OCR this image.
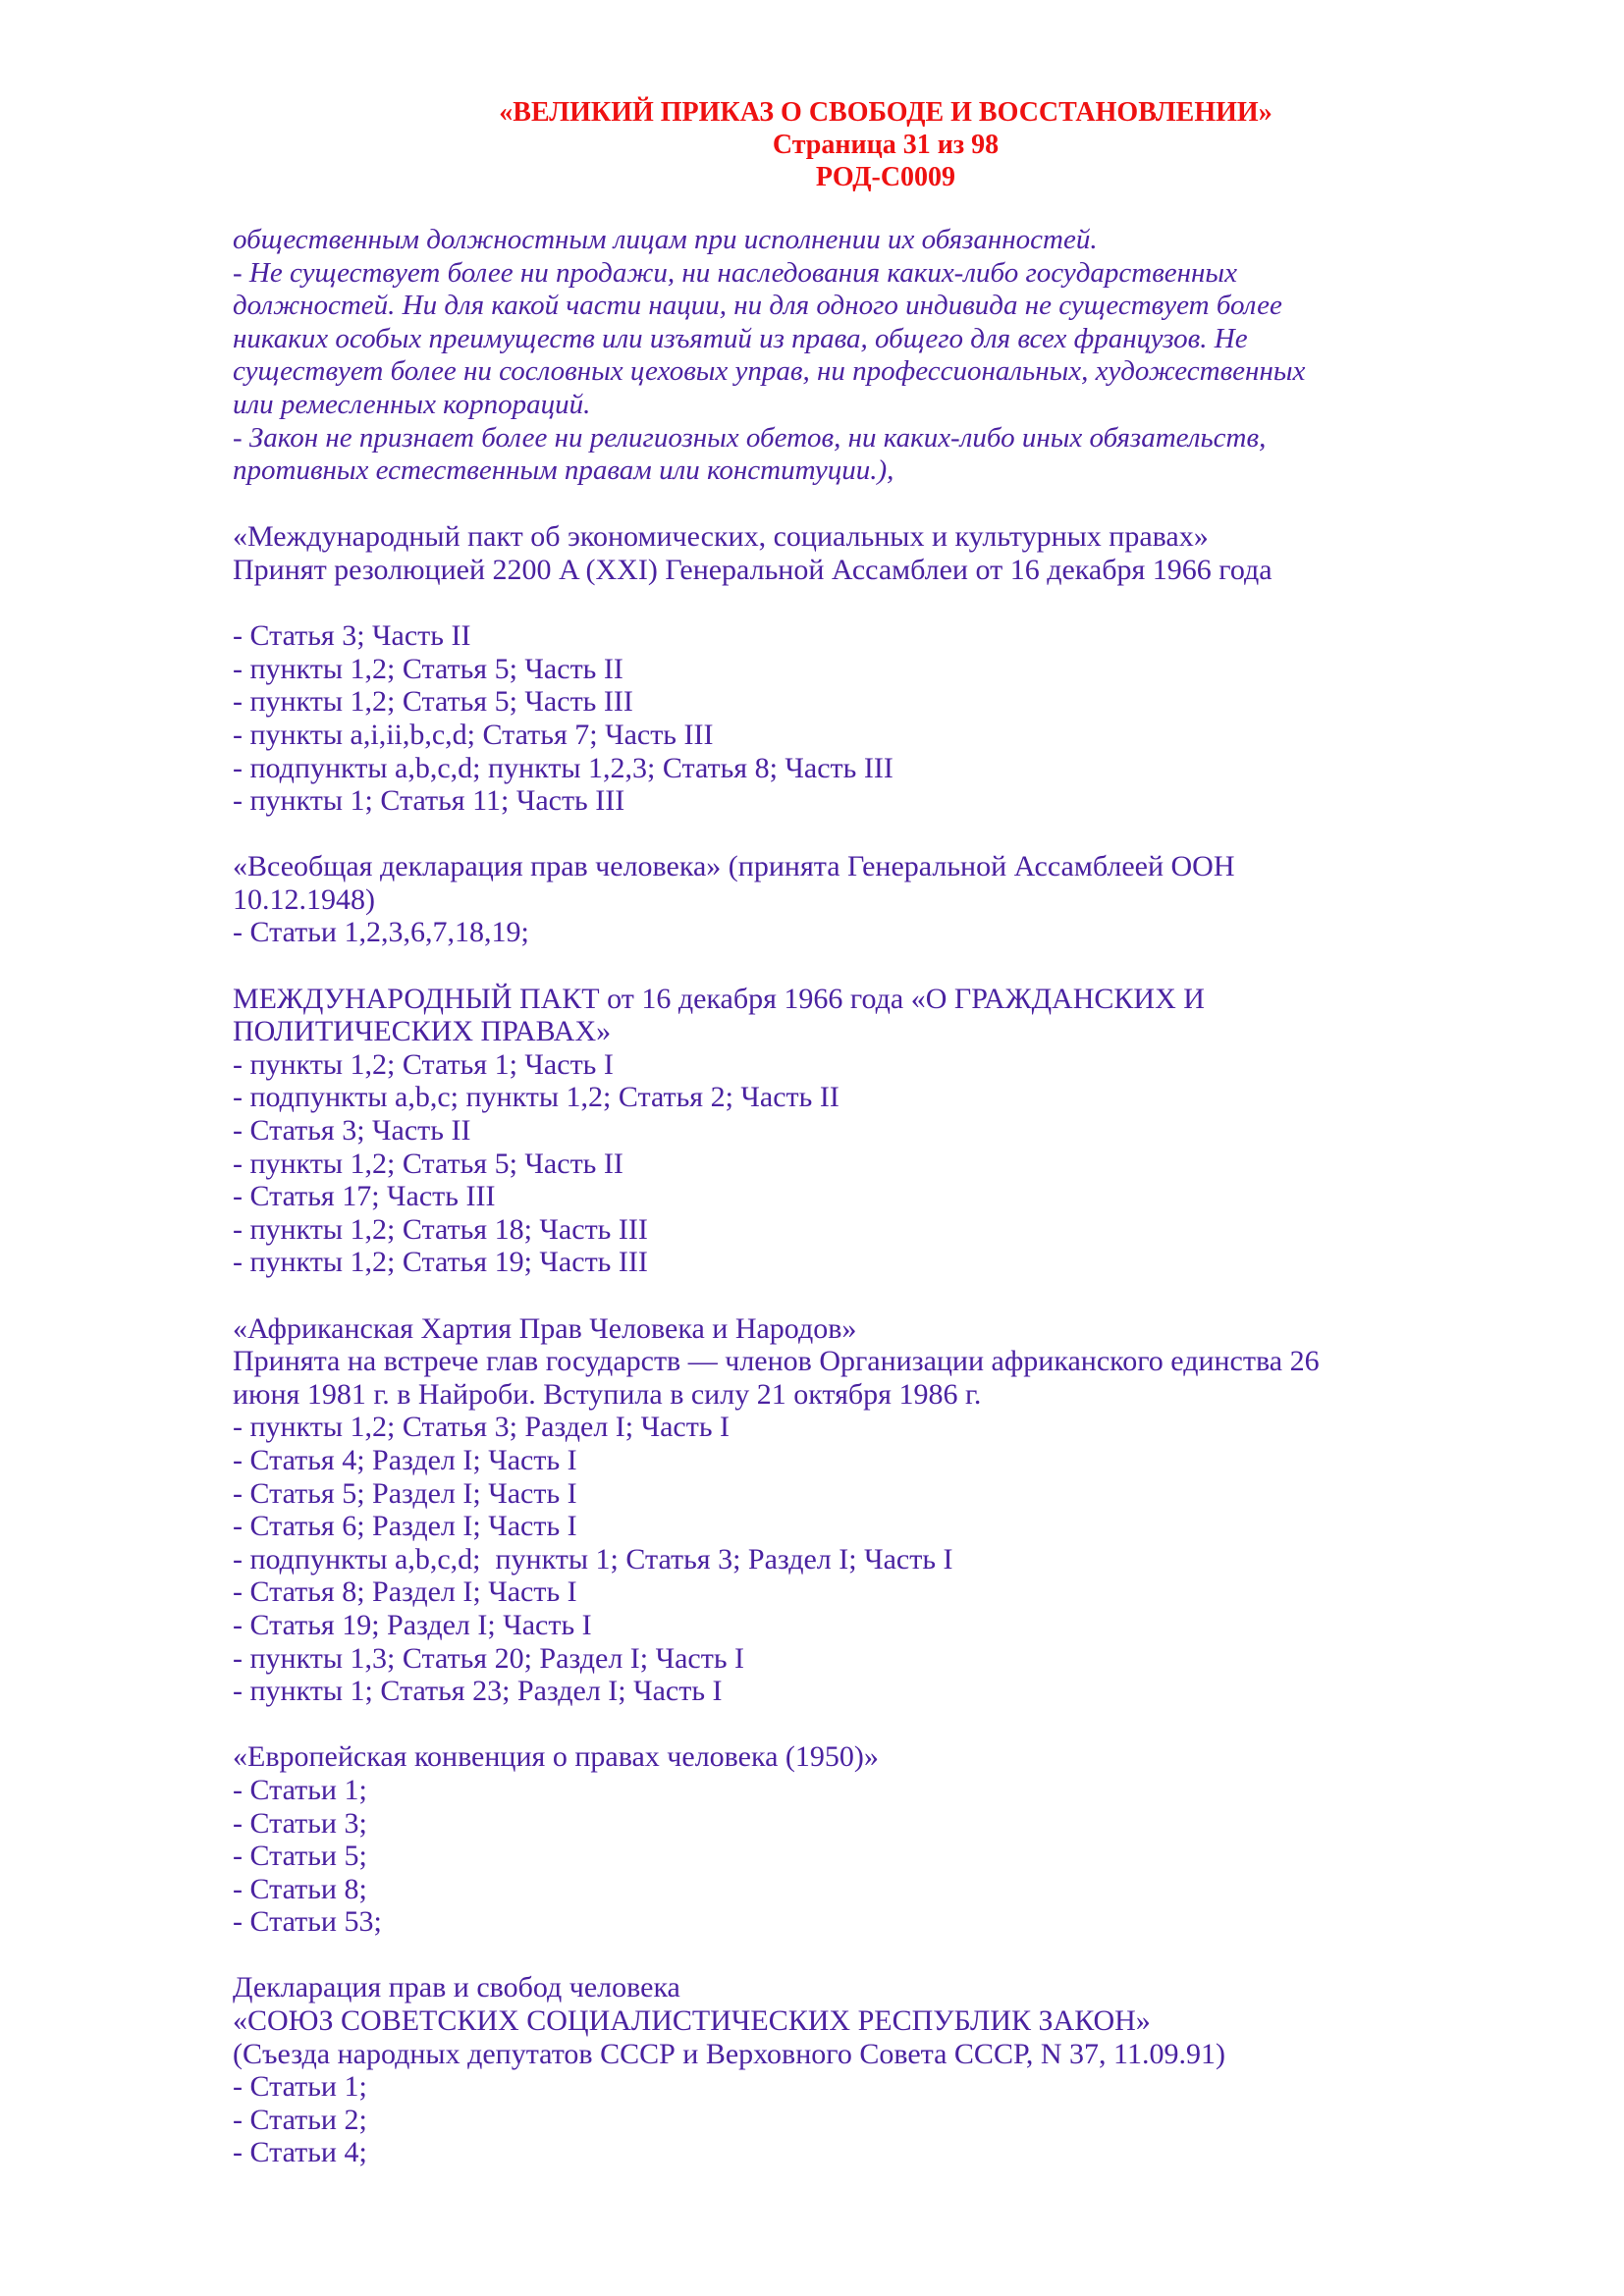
«ВЕЛИКИЙ ПРИКАЗ О СВОБОДЕ И ВОССТАНОВЛЕНИИ»
Страница 31 из 98
РОД-С0009
общественным должностным лицам при исполнении их обязанностей.
- Не существует более ни продажи, ни наследования каких-либо государственных
должностей. Ни для какой части нации, ни для одного индивида не существует более
никаких особых преимуществ или изъятий из права, общего для всех французов. Не
существует более ни сословных цеховых управ, ни профессиональных, художественных
или ремесленных корпораций.
- Закон не признает более ни религиозных обетов, ни каких-либо иных обязательств,
противных естественным правам или конституции.),
«Международный пакт об экономических, социальных и культурных правах»
Принят резолюцией 2200 A (XXI) Генеральной Ассамблеи от 16 декабря 1966 года
- Статья 3; Часть II
- пункты 1,2; Статья 5; Часть II
- пункты 1,2; Статья 5; Часть III
- пункты a,i,ii,b,c,d; Статья 7; Часть III
- подпункты a,b,c,d; пункты 1,2,3; Статья 8; Часть III
- пункты 1; Статья 11; Часть III
«Всеобщая декларация прав человека» (принята Генеральной Ассамблеей ООН
10.12.1948)
- Статьи 1,2,3,6,7,18,19;
МЕЖДУНАРОДНЫЙ ПАКТ от 16 декабря 1966 года «О ГРАЖДАНСКИХ И
ПОЛИТИЧЕСКИХ ПРАВАХ»
- пункты 1,2; Статья 1; Часть I
- подпункты a,b,c; пункты 1,2; Статья 2; Часть II
- Статья 3; Часть II
- пункты 1,2; Статья 5; Часть II
- Статья 17; Часть III
- пункты 1,2; Статья 18; Часть III
- пункты 1,2; Статья 19; Часть III
«Африканская Хартия Прав Человека и Народов»
Принята на встрече глав государств — членов Организации африканского единства 26
июня 1981 г. в Найроби. Вступила в силу 21 октября 1986 г.
- пункты 1,2; Статья 3; Раздел I; Часть I
- Статья 4; Раздел I; Часть I
- Статья 5; Раздел I; Часть I
- Статья 6; Раздел I; Часть I
- подпункты a,b,c,d;  пункты 1; Статья 3; Раздел I; Часть I
- Статья 8; Раздел I; Часть I
- Статья 19; Раздел I; Часть I
- пункты 1,3; Статья 20; Раздел I; Часть I
- пункты 1; Статья 23; Раздел I; Часть I
«Европейская конвенция о правах человека (1950)»
- Статьи 1;
- Статьи 3;
- Статьи 5;
- Статьи 8;
- Статьи 53;
Декларация прав и свобод человека
«СОЮЗ СОВЕТСКИХ СОЦИАЛИСТИЧЕСКИХ РЕСПУБЛИК ЗАКОН»
(Съезда народных депутатов СССР и Верховного Совета СССР, N 37, 11.09.91)
- Статьи 1;
- Статьи 2;
- Статьи 4;
